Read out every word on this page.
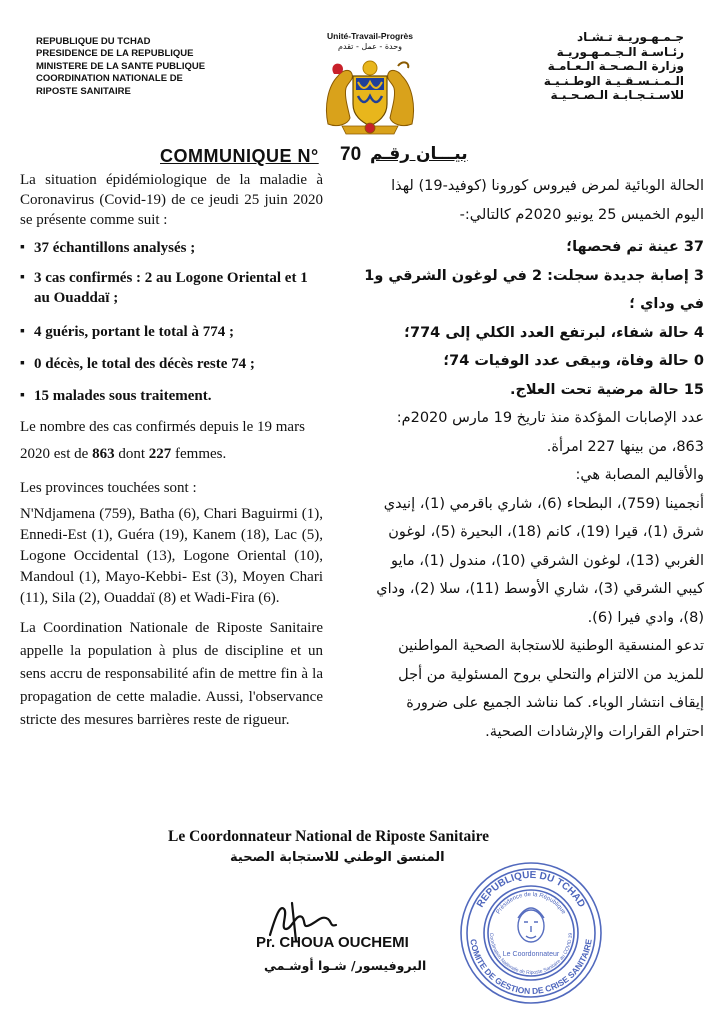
REPUBLIQUE DU TCHAD
PRESIDENCE DE LA REPUBLIQUE
MINISTERE DE LA SANTE PUBLIQUE
COORDINATION NATIONALE DE
RIPOSTE SANITAIRE
Unité-Travail-Progrès
وحدة - عمل - تقدم
جـمـهـوريـة تـشـاد
رئـاسـة الـجـمـهـوريـة
وزارة الـصـحـة الـعـامـة
الـمـنـسـقـيـة الوطـنـيـة
للاسـتـجـابـة الـصـحـيـة
COMMUNIQUE N° 70 بيـــان رقـم

La situation épidémiologique de la maladie à Coronavirus (Covid-19) de ce jeudi 25 juin 2020 se présente comme suit :

▪ 37 échantillons analysés ;
▪ 3 cas confirmés : 2 au Logone Oriental et 1 au Ouaddaï ;
▪ 4 guéris, portant le total à 774 ;
▪ 0 décès, le total des décès reste 74 ;
▪ 15 malades sous traitement.

Le nombre des cas confirmés depuis le 19 mars 2020 est de 863 dont 227 femmes.

Les provinces touchées sont :

N'Ndjamena (759), Batha (6), Chari Baguirmi (1), Ennedi-Est (1), Guéra (19), Kanem (18), Lac (5), Logone Occidental (13), Logone Oriental (10), Mandoul (1), Mayo-Kebbi- Est (3), Moyen Chari (11), Sila (2), Ouaddaï (8) et Wadi-Fira (6).

La Coordination Nationale de Riposte Sanitaire appelle la population à plus de discipline et un sens accru de responsabilité afin de mettre fin à la propagation de cette maladie. Aussi, l'observance stricte des mesures barrières reste de rigueur.

الحالة الوبائية لمرض فيروس كورونا (كوفيد-19) لهذا اليوم الخميس 25 يونيو 2020م كالتالي:-

37 عينة تم فحصها؛
3 إصابة جديدة سجلت: 2 في لوغون الشرقي و1 في وداي ؛
4 حالة شفاء، لبرتفع العدد الكلي إلى 774؛
0 حالة وفاة، وبيقى عدد الوفيات 74؛
15 حالة مرضية تحت العلاج.

عدد الإصابات المؤكدة منذ تاريخ 19 مارس 2020م: 863، من بينها 227 امرأة.

والأقاليم المصابة هي:

أنجمينا (759)، البطحاء (6)، شاري باقرمي (1)، إنيدي شرق (1)، قيرا (19)، كانم (18)، البحيرة (5)، لوغون الغربي (13)، لوغون الشرقي (10)، مندول (1)، مايو كيبي الشرقي (3)، شاري الأوسط (11)، سلا (2)، وداي (8)، وادي فيرا (6).

تدعو المنسقية الوطنية للاستجابة الصحية المواطنين للمزيد من الالتزام والتحلي بروح المسئولية من أجل إيقاف انتشار الوباء. كما نناشد الجميع على ضرورة احترام القرارات والإرشادات الصحية.

Le Coordonnateur National de Riposte Sanitaire
المنسق الوطني للاستجابة الصحية
Pr. CHOUA OUCHEMI
البروفيسور/ شـوا أوشـمي
REPUBLIQUE DU TCHAD
COMITE DE GESTION DE CRISE SANITAIRE
Présidence de la République
Coordination Nationale de Riposte Sanitaire au COVID 19
Le Coordonnateur
